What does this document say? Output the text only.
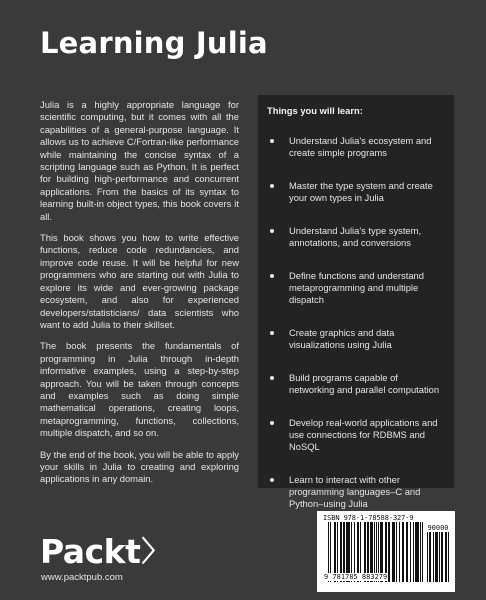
Learning Julia

Julia is a highly appropriate language for scientific computing, but it comes with all the capabilities of a general-purpose language. It allows us to achieve C/Fortran-like performance while maintaining the concise syntax of a scripting language such as Python. It is perfect for building high-performance and concurrent applications. From the basics of its syntax to learning built-in object types, this book covers it all.

This book shows you how to write effective functions, reduce code redundancies, and improve code reuse. It will be helpful for new programmers who are starting out with Julia to explore its wide and ever-growing package ecosystem, and also for experienced developers/statisticians/ data scientists who want to add Julia to their skillset.

The book presents the fundamentals of programming in Julia through in-depth informative examples, using a step-by-step approach. You will be taken through concepts and examples such as doing simple mathematical operations, creating loops, metaprogramming, functions, collections, multiple dispatch, and so on.

By the end of the book, you will be able to apply your skills in Julia to creating and exploring applications in any domain.

Things you will learn:
Understand Julia's ecosystem and create simple programs
Master the type system and create your own types in Julia
Understand Julia's type system, annotations, and conversions
Define functions and understand metaprogramming and multiple dispatch
Create graphics and data visualizations using Julia
Build programs capable of networking and parallel computation
Develop real-world applications and use connections for RDBMS and NoSQL
Learn to interact with other programming languages–C and Python–using Julia
Packt〉
www.packtpub.com
ISBN 978-1-78588-327-9
90000
9 781785 883279
